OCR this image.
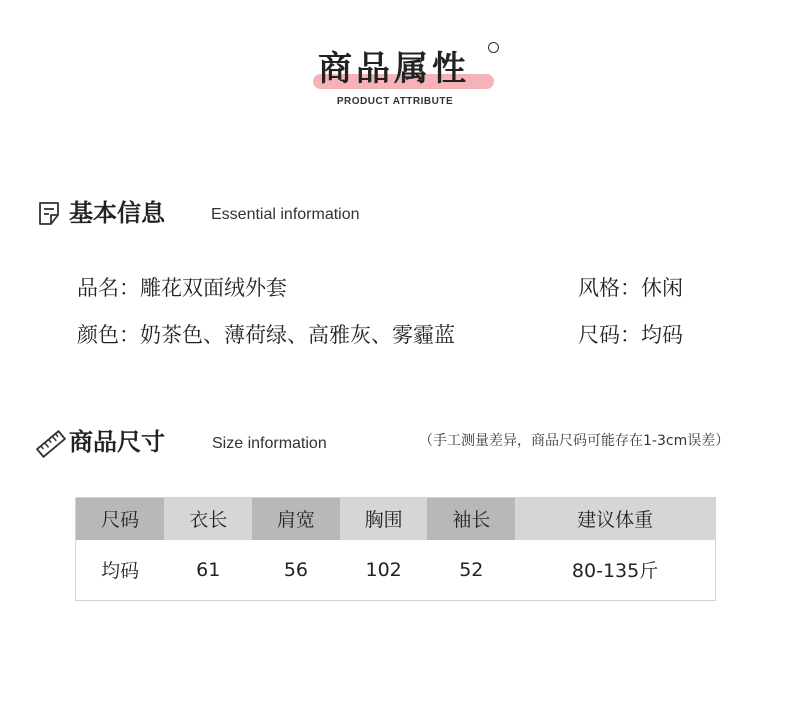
商品属性
PRODUCT ATTRIBUTE
基本信息	Essential information
品名：雕花双面绒外套	风格：休闲
颜色：奶茶色、薄荷绿、高雅灰、雾霾蓝	尺码：均码
商品尺寸	Size information	（手工测量差异，商品尺码可能存在1-3cm误差）
尺码	衣长	肩宽	胸围	袖长	建议体重
均码	61	56	102	52	80-135斤
